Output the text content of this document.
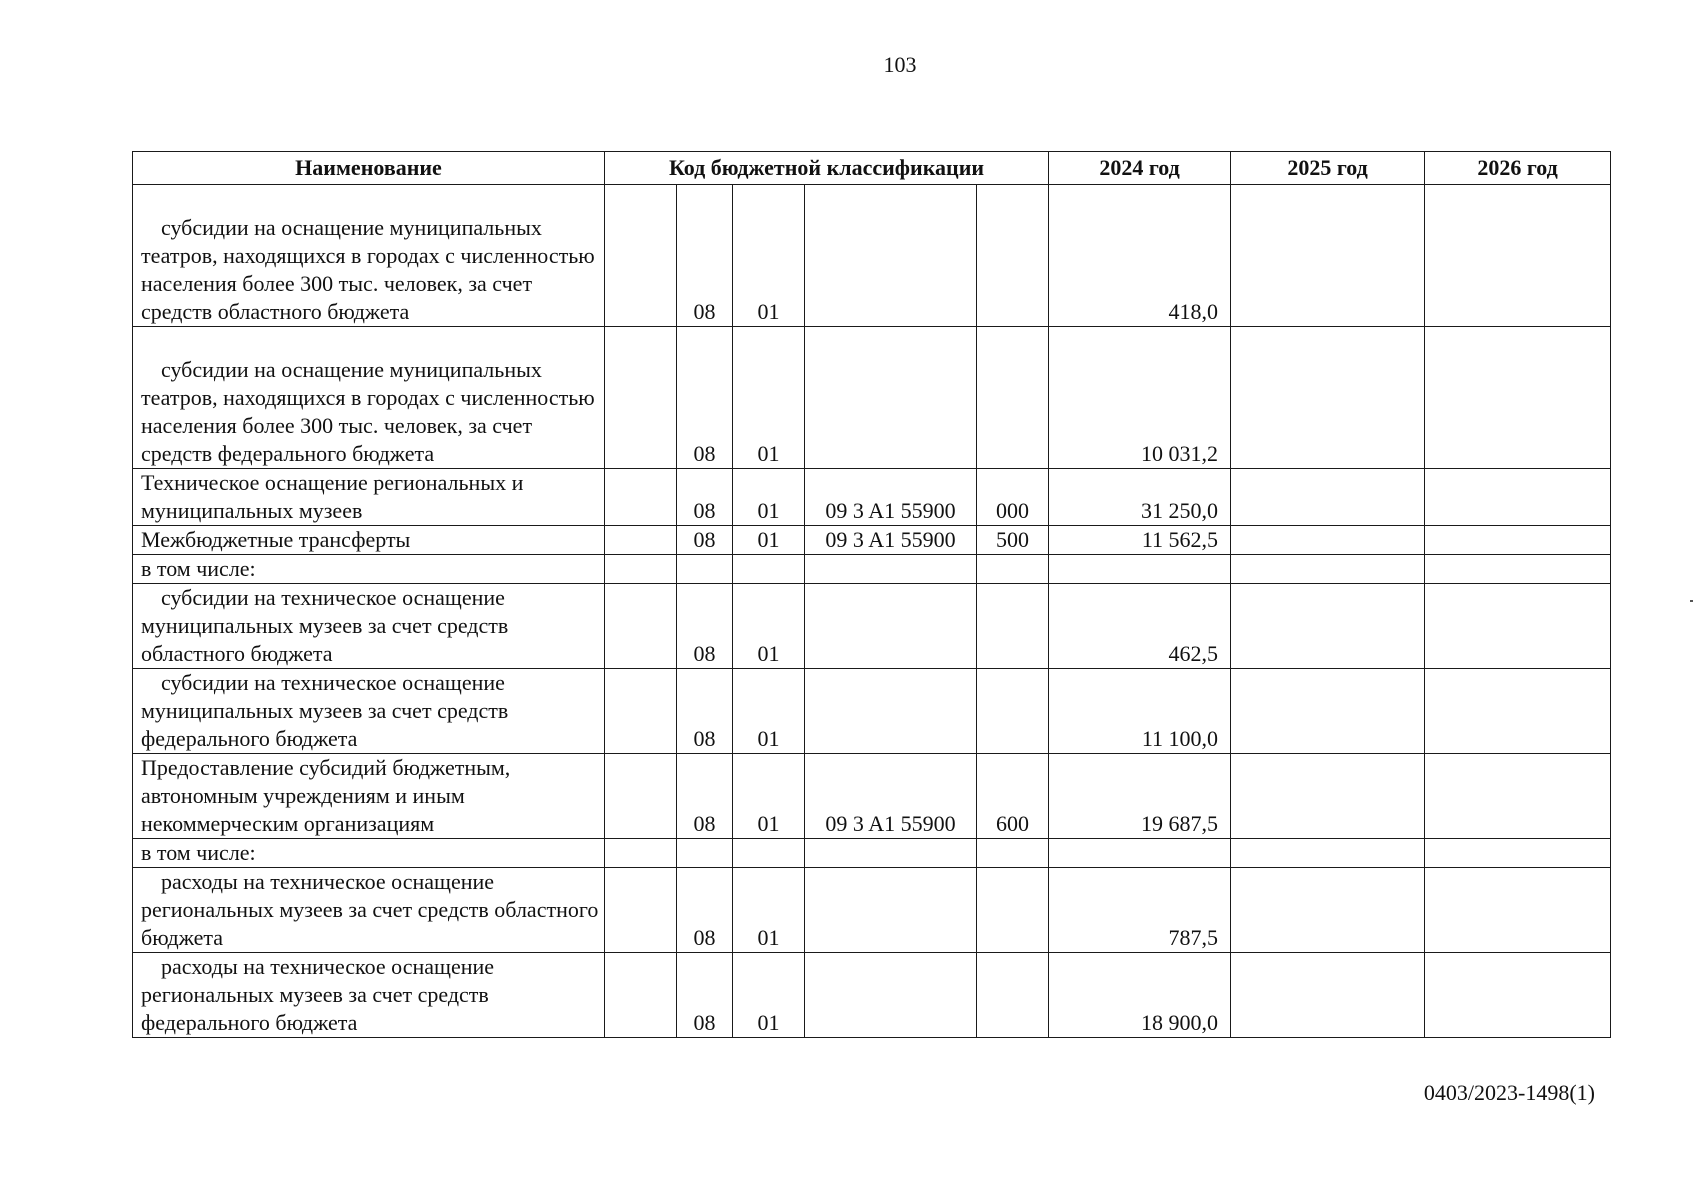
103
Наименование	Код бюджетной классификации					2024 год	2025 год	2026 год
субсидии на оснащение муниципальных театров, находящихся в городах с численностью населения более 300 тыс. человек, за счет средств областного бюджета		08	01			418,0		
субсидии на оснащение муниципальных театров, находящихся в городах с численностью населения более 300 тыс. человек, за счет средств федерального бюджета		08	01			10 031,2		
Техническое оснащение региональных и муниципальных музеев		08	01	09 3 A1 55900	000	31 250,0		
Межбюджетные трансферты		08	01	09 3 A1 55900	500	11 562,5		
в том числе:								
субсидии на техническое оснащение муниципальных музеев за счет средств областного бюджета		08	01			462,5		
субсидии на техническое оснащение муниципальных музеев за счет средств федерального бюджета		08	01			11 100,0		
Предоставление субсидий бюджетным, автономным учреждениям и иным некоммерческим организациям		08	01	09 3 A1 55900	600	19 687,5		
в том числе:								
расходы на техническое оснащение региональных музеев за счет средств областного бюджета		08	01			787,5		
расходы на техническое оснащение региональных музеев за счет средств федерального бюджета		08	01			18 900,0		
0403/2023-1498(1)
